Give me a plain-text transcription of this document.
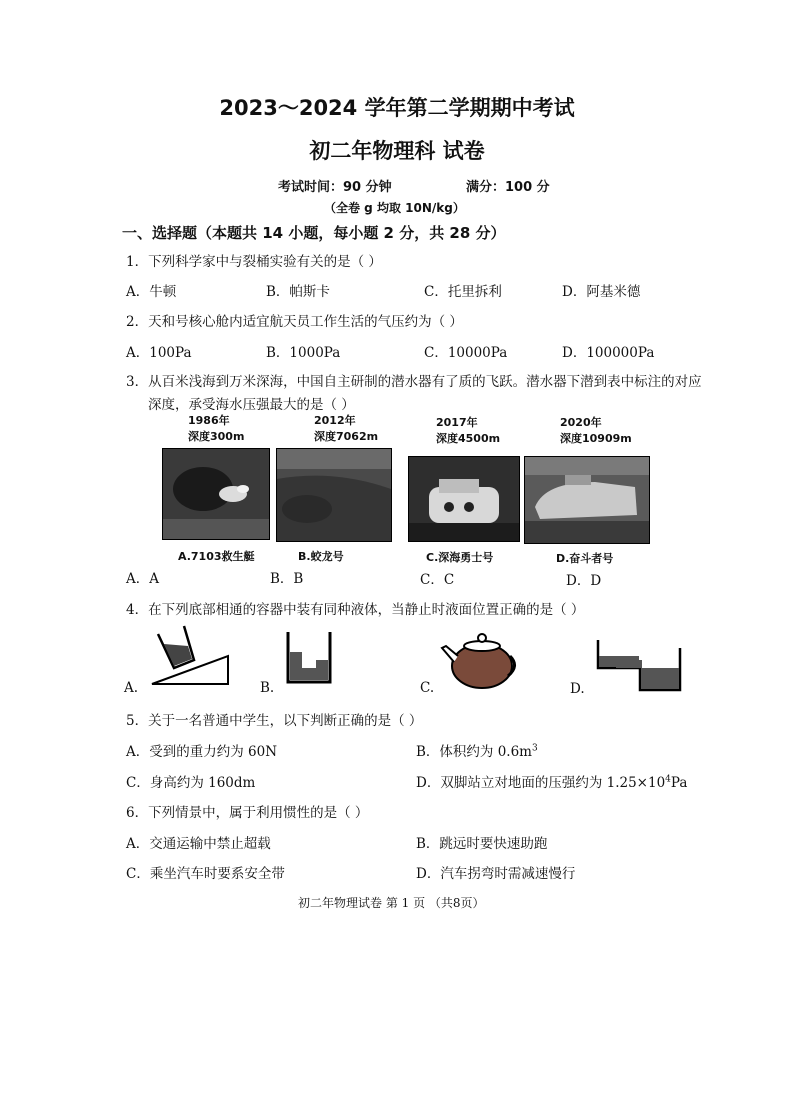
2023～2024 学年第二学期期中考试
初二年物理科 试卷
考试时间：90 分钟	满分：100 分
（全卷 g 均取 10N/kg）
一、选择题（本题共 14 小题，每小题 2 分，共 28 分）
1．下列科学家中与裂桶实验有关的是（ ）
A．牛顿	B．帕斯卡	C．托里拆利	D．阿基米德
2．天和号核心舱内适宜航天员工作生活的气压约为（ ）
A．100Pa	B．1000Pa	C．10000Pa	D．100000Pa
3．从百米浅海到万米深海，中国自主研制的潜水器有了质的飞跃。潜水器下潜到表中标注的对应
深度，承受海水压强最大的是（ ）
1986年
深度300m
2012年
深度7062m
2017年
深度4500m
2020年
深度10909m
A.7103救生艇	B.蛟龙号	C.深海勇士号	D.奋斗者号
A．A	B．B	C．C	D．D
4．在下列底部相通的容器中装有同种液体，当静止时液面位置正确的是（ ）
A.	B.	C.	D.
5．关于一名普通中学生，以下判断正确的是（ ）
A．受到的重力约为 60N	B．体积约为 $0.6m^3$
C．身高约为 160dm	D．双脚站立对地面的压强约为 $1.25\times 10^4Pa$
6．下列情景中，属于利用惯性的是（ ）
A．交通运输中禁止超载	B．跳远时要快速助跑
C．乘坐汽车时要系安全带	D．汽车拐弯时需减速慢行
初二年物理试卷 第 1 页 （共8页）
